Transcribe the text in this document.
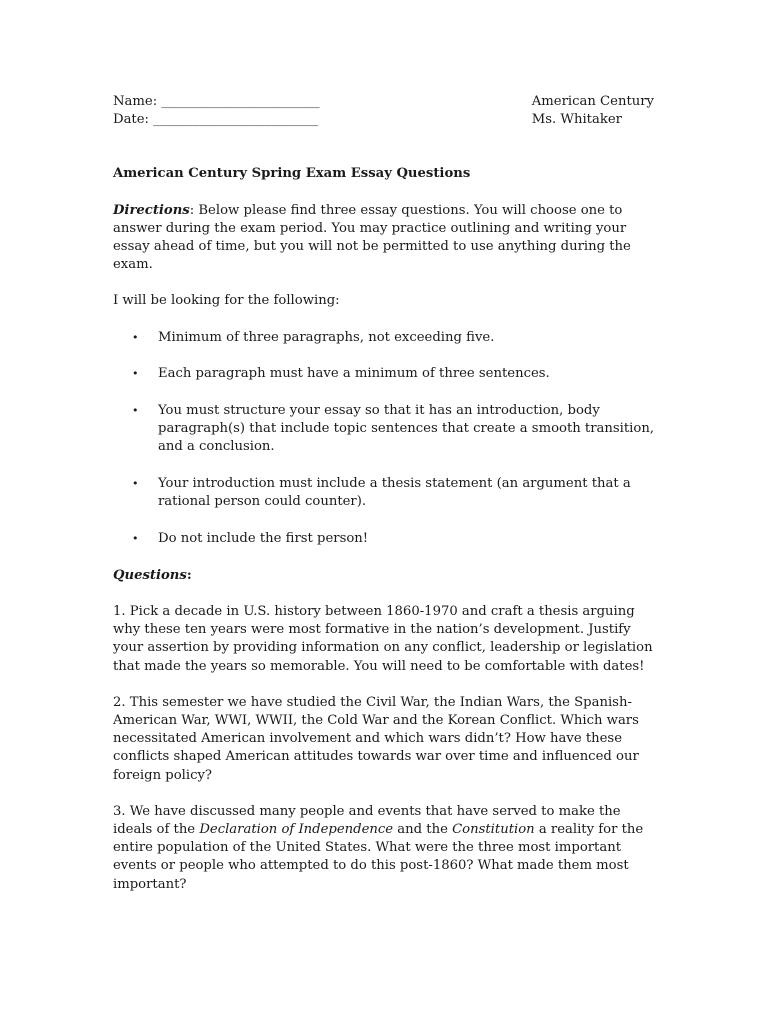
Name: ________________________
Date: _________________________
American Century
Ms. Whitaker
American Century Spring Exam Essay Questions
Directions: Below please find three essay questions. You will choose one to answer during the exam period. You may practice outlining and writing your essay ahead of time, but you will not be permitted to use anything during the exam.
I will be looking for the following:
• Minimum of three paragraphs, not exceeding five.
• Each paragraph must have a minimum of three sentences.
• You must structure your essay so that it has an introduction, body paragraph(s) that include topic sentences that create a smooth transition, and a conclusion.
• Your introduction must include a thesis statement (an argument that a rational person could counter).
• Do not include the first person!
Questions:
1. Pick a decade in U.S. history between 1860-1970 and craft a thesis arguing why these ten years were most formative in the nation’s development. Justify your assertion by providing information on any conflict, leadership or legislation that made the years so memorable. You will need to be comfortable with dates!
2. This semester we have studied the Civil War, the Indian Wars, the Spanish-American War, WWI, WWII, the Cold War and the Korean Conflict. Which wars necessitated American involvement and which wars didn’t? How have these conflicts shaped American attitudes towards war over time and influenced our foreign policy?
3. We have discussed many people and events that have served to make the ideals of the Declaration of Independence and the Constitution a reality for the entire population of the United States. What were the three most important events or people who attempted to do this post-1860? What made them most important?
